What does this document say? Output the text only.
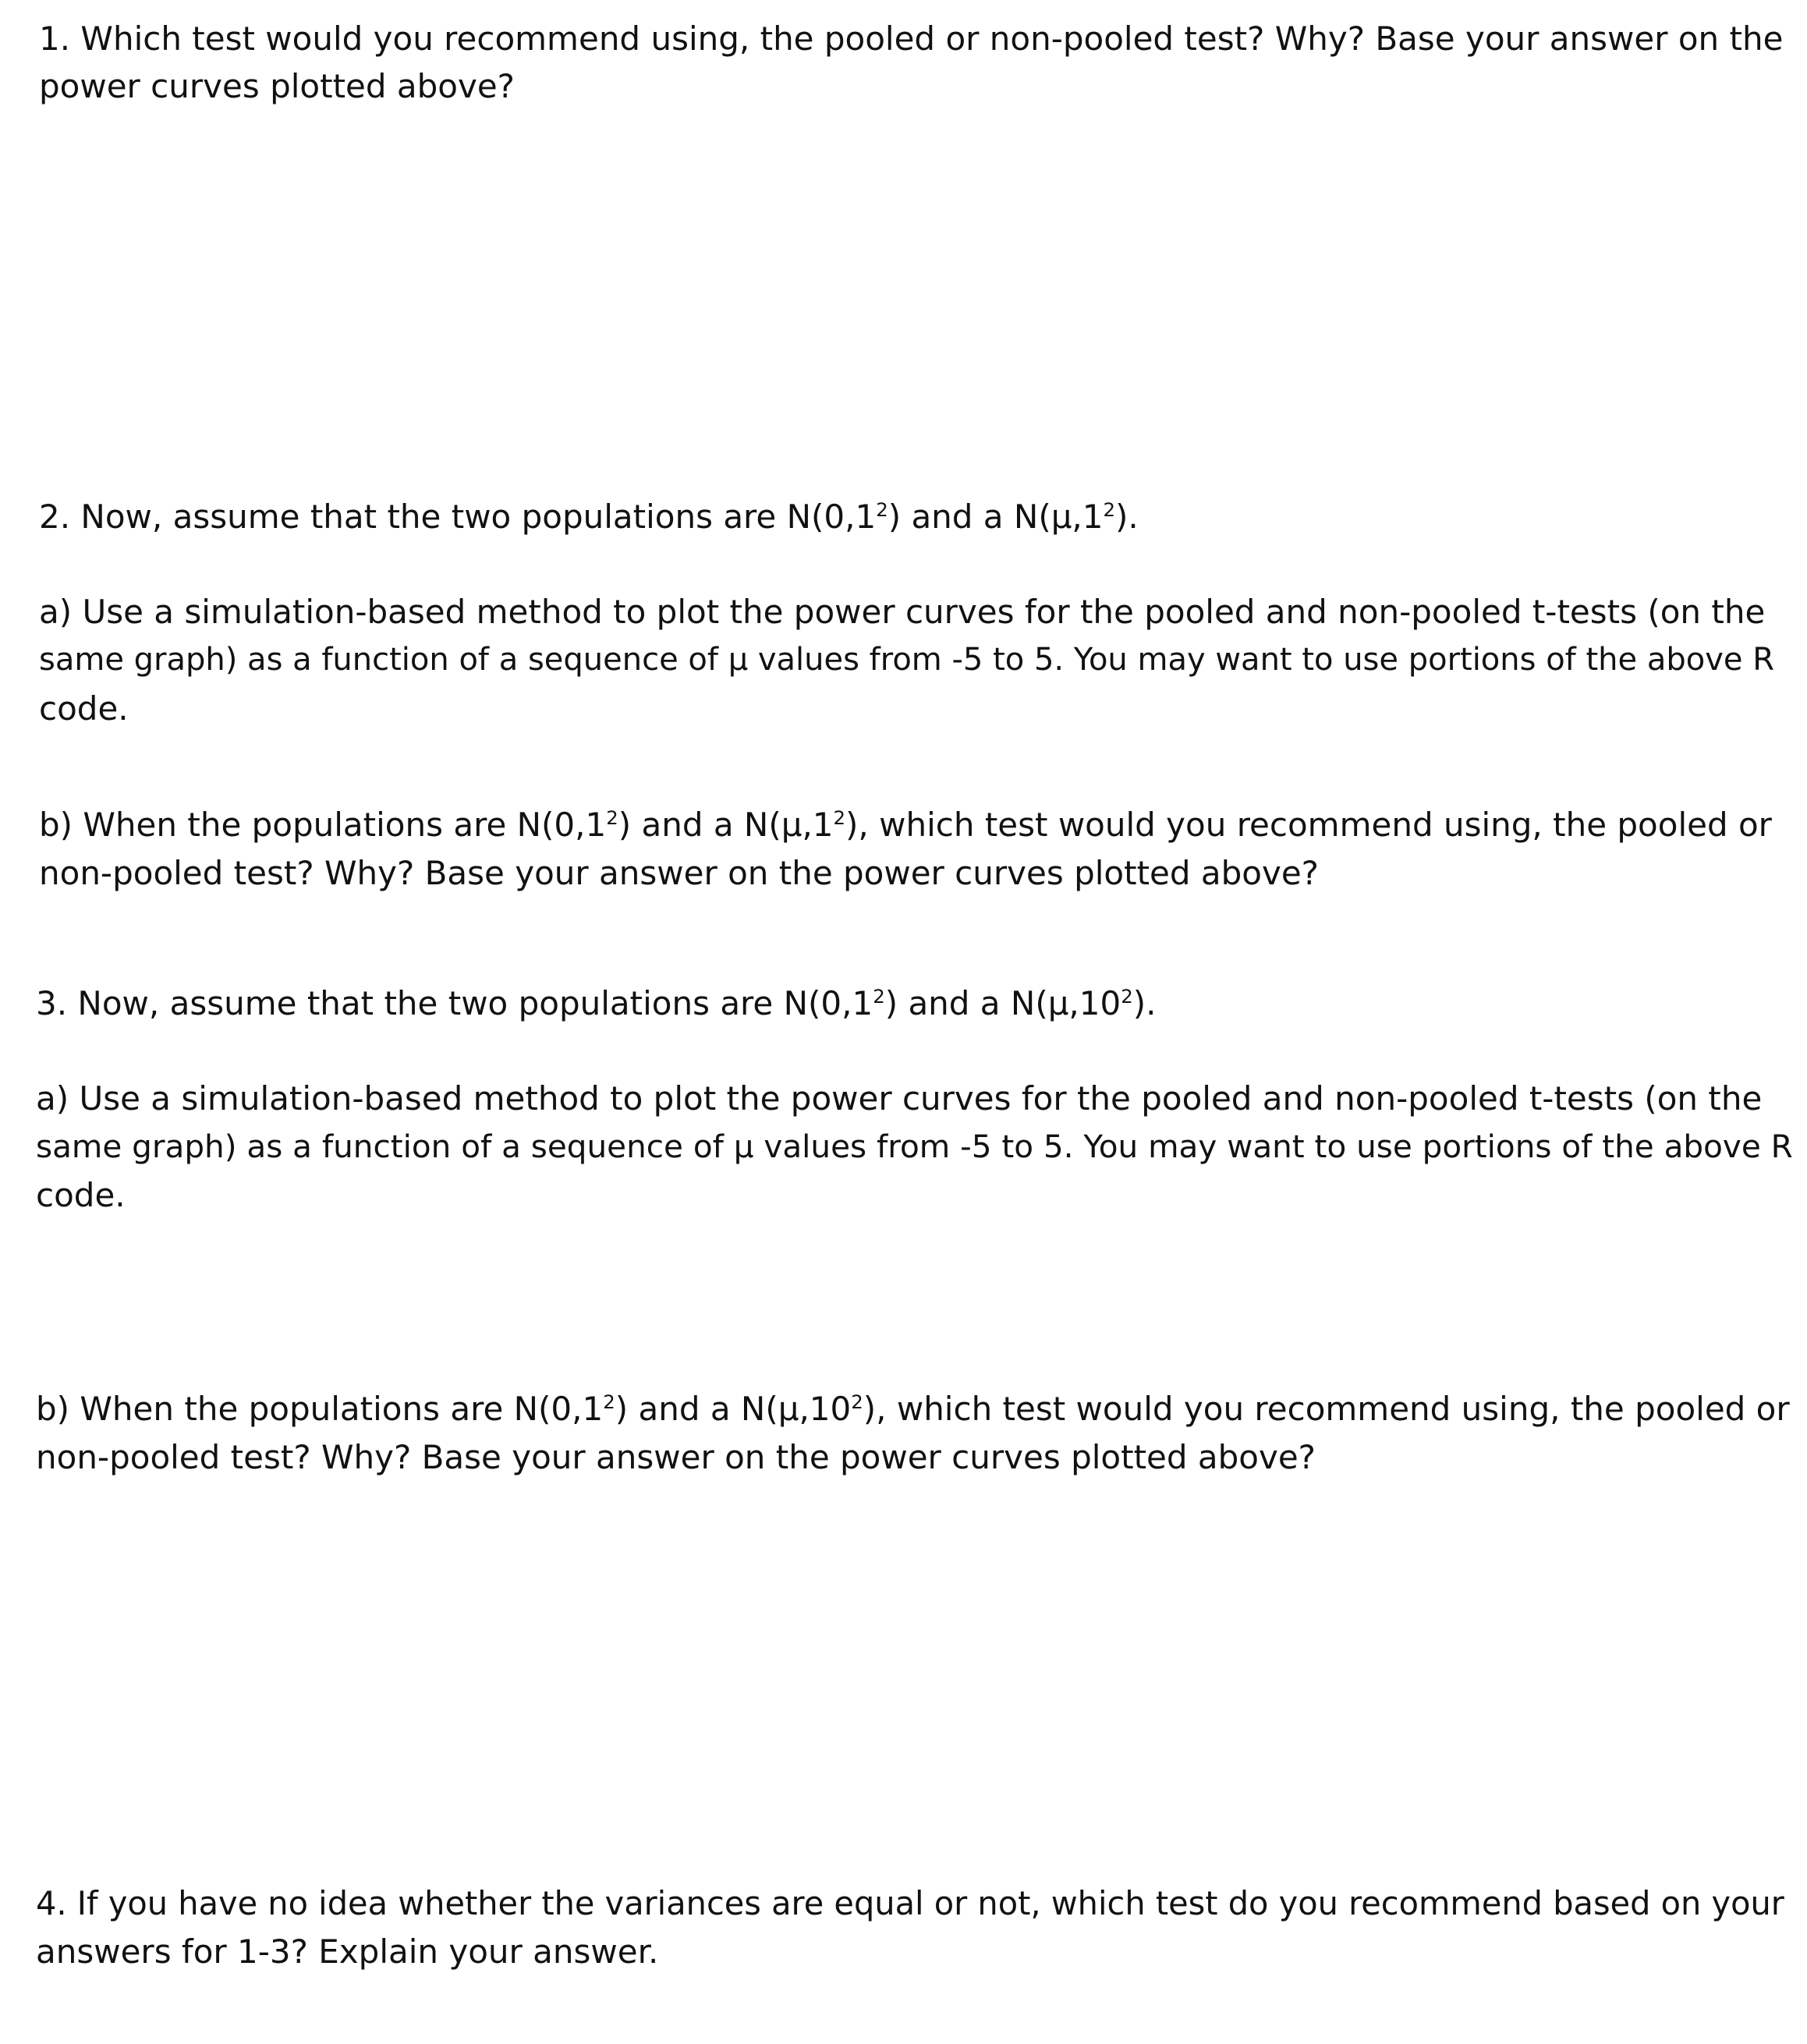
1. Which test would you recommend using, the pooled or non-pooled test? Why? Base your answer on the

power curves plotted above?

2. Now, assume that the two populations are $N(0,1^2)$ and a $N(\mu,1^2)$.

a) Use a simulation-based method to plot the power curves for the pooled and non-pooled t-tests (on the

same graph) as a function of a sequence of μ values from -5 to 5. You may want to use portions of the above R

code.

b) When the populations are $N(0,1^2)$ and a $N(\mu,1^2)$, which test would you recommend using, the pooled or

non-pooled test? Why? Base your answer on the power curves plotted above?

3. Now, assume that the two populations are $N(0,1^2)$ and a $N(\mu,10^2)$.

a) Use a simulation-based method to plot the power curves for the pooled and non-pooled t-tests (on the

same graph) as a function of a sequence of μ values from -5 to 5. You may want to use portions of the above R

code.

b) When the populations are $N(0,1^2)$ and a $N(\mu,10^2)$, which test would you recommend using, the pooled or

non-pooled test? Why? Base your answer on the power curves plotted above?

4. If you have no idea whether the variances are equal or not, which test do you recommend based on your

answers for 1-3? Explain your answer.
